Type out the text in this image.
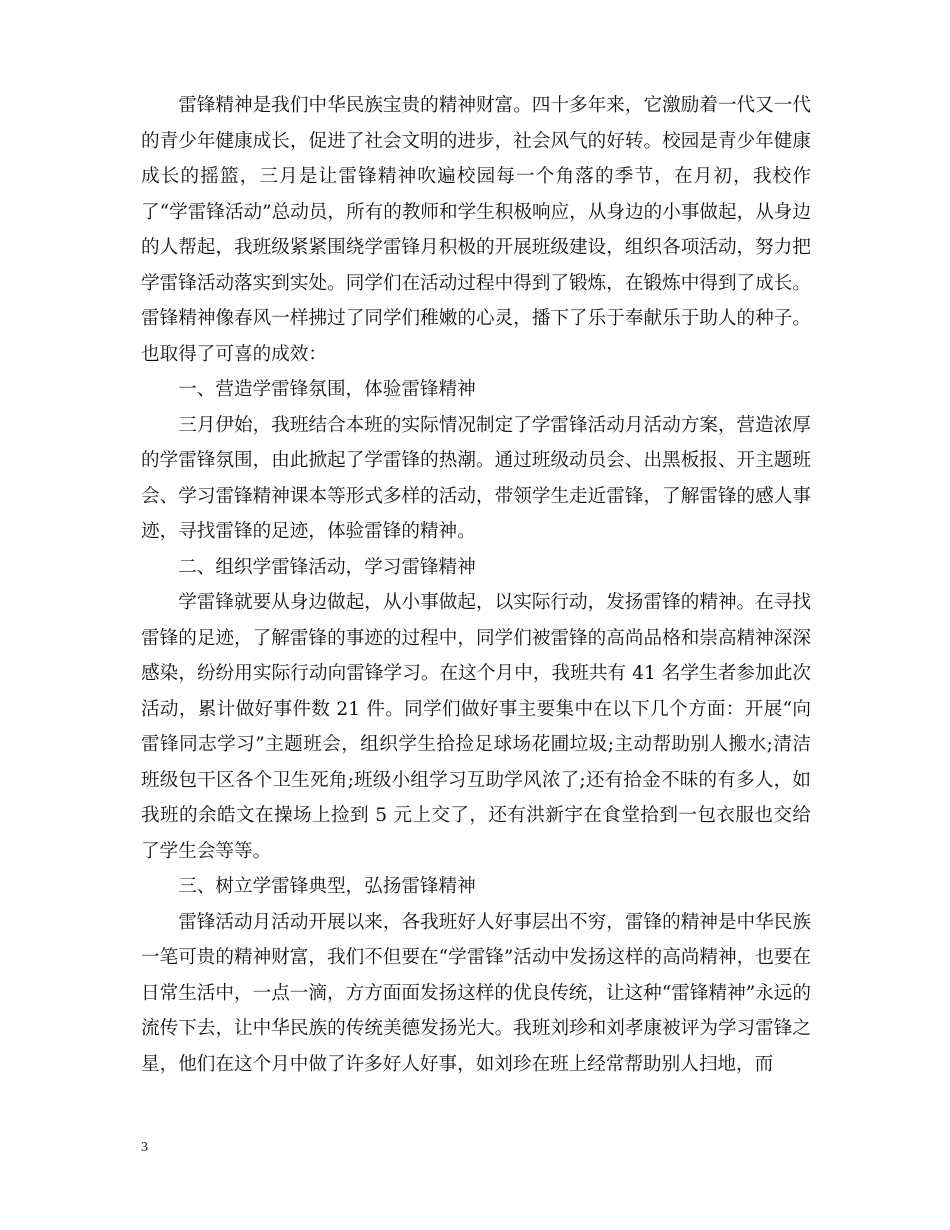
雷锋精神是我们中华民族宝贵的精神财富。四十多年来，它激励着一代又一代的青少年健康成长，促进了社会文明的进步，社会风气的好转。校园是青少年健康成长的摇篮，三月是让雷锋精神吹遍校园每一个角落的季节，在月初，我校作了“学雷锋活动”总动员，所有的教师和学生积极响应，从身边的小事做起，从身边的人帮起，我班级紧紧围绕学雷锋月积极的开展班级建设，组织各项活动，努力把学雷锋活动落实到实处。同学们在活动过程中得到了锻炼，在锻炼中得到了成长。雷锋精神像春风一样拂过了同学们稚嫩的心灵，播下了乐于奉献乐于助人的种子。也取得了可喜的成效：

一、营造学雷锋氛围，体验雷锋精神

三月伊始，我班结合本班的实际情况制定了学雷锋活动月活动方案，营造浓厚的学雷锋氛围，由此掀起了学雷锋的热潮。通过班级动员会、出黑板报、开主题班会、学习雷锋精神课本等形式多样的活动，带领学生走近雷锋，了解雷锋的感人事迹，寻找雷锋的足迹，体验雷锋的精神。

二、组织学雷锋活动，学习雷锋精神

学雷锋就要从身边做起，从小事做起，以实际行动，发扬雷锋的精神。在寻找雷锋的足迹，了解雷锋的事迹的过程中，同学们被雷锋的高尚品格和崇高精神深深感染，纷纷用实际行动向雷锋学习。在这个月中，我班共有 41 名学生者参加此次活动，累计做好事件数 21 件。同学们做好事主要集中在以下几个方面：开展“向雷锋同志学习”主题班会，组织学生拾捡足球场花圃垃圾;主动帮助别人搬水;清洁班级包干区各个卫生死角;班级小组学习互助学风浓了;还有拾金不昧的有多人，如我班的余皓文在操场上捡到 5 元上交了，还有洪新宇在食堂拾到一包衣服也交给了学生会等等。

三、树立学雷锋典型，弘扬雷锋精神

雷锋活动月活动开展以来，各我班好人好事层出不穷，雷锋的精神是中华民族一笔可贵的精神财富，我们不但要在“学雷锋”活动中发扬这样的高尚精神，也要在日常生活中，一点一滴，方方面面发扬这样的优良传统，让这种“雷锋精神”永远的流传下去，让中华民族的传统美德发扬光大。我班刘珍和刘孝康被评为学习雷锋之星，他们在这个月中做了许多好人好事，如刘珍在班上经常帮助别人扫地，而

3
